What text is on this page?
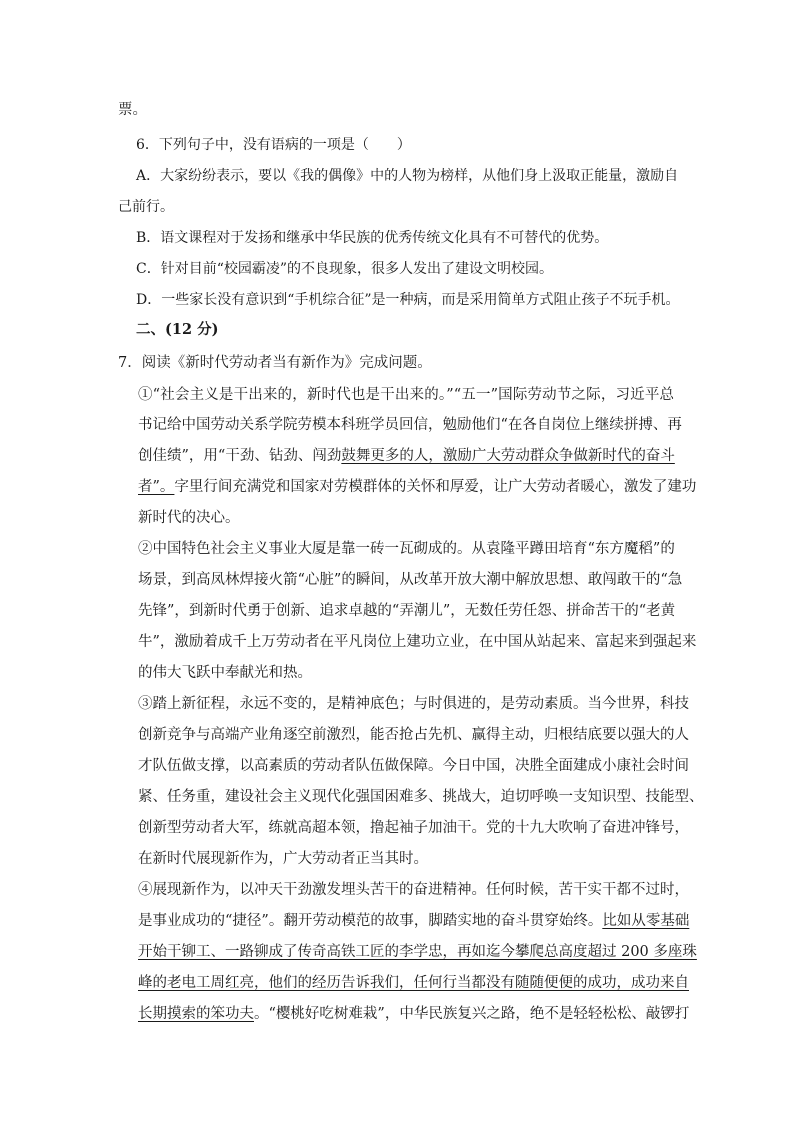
票。
6．下列句子中，没有语病的一项是（　　）
A．大家纷纷表示，要以《我的偶像》中的人物为榜样，从他们身上汲取正能量，激励自
己前行。
B．语文课程对于发扬和继承中华民族的优秀传统文化具有不可替代的优势。
C．针对目前“校园霸凌”的不良现象，很多人发出了建设文明校园。
D．一些家长没有意识到“手机综合征”是一种病，而是采用简单方式阻止孩子不玩手机。
二、(12 分)
7．阅读《新时代劳动者当有新作为》完成问题。
①“社会主义是干出来的，新时代也是干出来的。”“五一”国际劳动节之际，习近平总
书记给中国劳动关系学院劳模本科班学员回信，勉励他们“在各自岗位上继续拼搏、再
创佳绩”，用“干劲、钻劲、闯劲鼓舞更多的人，激励广大劳动群众争做新时代的奋斗
者”。字里行间充满党和国家对劳模群体的关怀和厚爱，让广大劳动者暖心，激发了建功
新时代的决心。
②中国特色社会主义事业大厦是靠一砖一瓦砌成的。从袁隆平蹲田培育“东方魔稻”的
场景，到高凤林焊接火箭“心脏”的瞬间，从改革开放大潮中解放思想、敢闯敢干的“急
先锋”，到新时代勇于创新、追求卓越的“弄潮儿”，无数任劳任怨、拼命苦干的“老黄
牛”，激励着成千上万劳动者在平凡岗位上建功立业，在中国从站起来、富起来到强起来
的伟大飞跃中奉献光和热。
③踏上新征程，永远不变的，是精神底色；与时俱进的，是劳动素质。当今世界，科技
创新竞争与高端产业角逐空前激烈，能否抢占先机、赢得主动，归根结底要以强大的人
才队伍做支撑，以高素质的劳动者队伍做保障。今日中国，决胜全面建成小康社会时间
紧、任务重，建设社会主义现代化强国困难多、挑战大，迫切呼唤一支知识型、技能型、
创新型劳动者大军，练就高超本领，撸起袖子加油干。党的十九大吹响了奋进冲锋号，
在新时代展现新作为，广大劳动者正当其时。
④展现新作为，以冲天干劲激发埋头苦干的奋进精神。任何时候，苦干实干都不过时，
是事业成功的“捷径”。翻开劳动模范的故事，脚踏实地的奋斗贯穿始终。比如从零基础
开始干铆工、一路铆成了传奇高铁工匠的李学忠，再如迄今攀爬总高度超过 200 多座珠
峰的老电工周红亮，他们的经历告诉我们，任何行当都没有随随便便的成功，成功来自
长期摸索的笨功夫。“樱桃好吃树难栽”，中华民族复兴之路，绝不是轻轻松松、敲锣打
